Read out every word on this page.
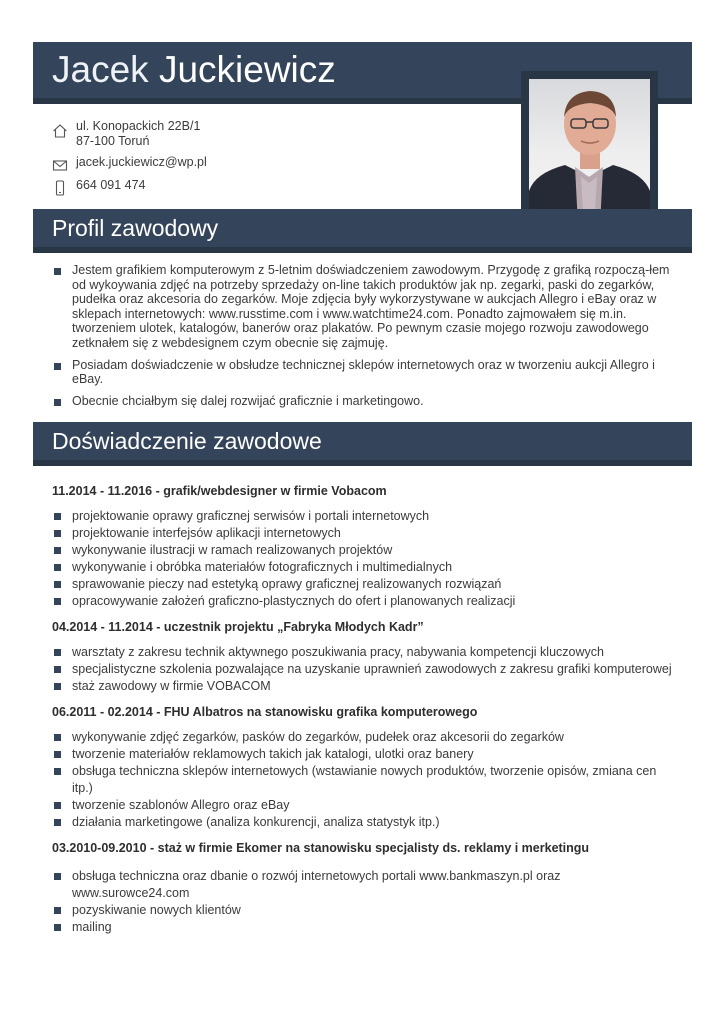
Jacek Juckiewicz
ul. Konopackich 22B/1
87-100 Toruń
jacek.juckiewicz@wp.pl
664 091 474
Profil zawodowy
Jestem grafikiem komputerowym z 5-letnim doświadczeniem zawodowym. Przygodę z grafiką rozpoczą-łem od wykoywania zdjęć na potrzeby sprzedaży on-line takich produktów jak np. zegarki, paski do zegarków, pudełka oraz akcesoria do zegarków. Moje zdjęcia były wykorzystywane w aukcjach Allegro i eBay oraz w sklepach internetowych: www.russtime.com i www.watchtime24.com. Ponadto zajmowałem się m.in. tworzeniem ulotek, katalogów, banerów oraz plakatów. Po pewnym czasie mojego rozwoju zawodowego zetknałem się z webdesignem czym obecnie się zajmuję.
Posiadam doświadczenie w obsłudze technicznej sklepów internetowych oraz w tworzeniu aukcji Allegro i eBay.
Obecnie chciałbym się dalej rozwijać graficznie i marketingowo.
Doświadczenie zawodowe
11.2014 - 11.2016 - grafik/webdesigner w firmie Vobacom
projektowanie oprawy graficznej serwisów i portali internetowych
projektowanie interfejsów aplikacji internetowych
wykonywanie ilustracji w ramach realizowanych projektów
wykonywanie i obróbka materiałów fotograficznych i multimedialnych
sprawowanie pieczy nad estetyką oprawy graficznej realizowanych rozwiązań
opracowywanie założeń graficzno-plastycznych do ofert i planowanych realizacji
04.2014 - 11.2014 - uczestnik projektu „Fabryka Młodych Kadr”
warsztaty z zakresu technik aktywnego poszukiwania pracy, nabywania kompetencji kluczowych
specjalistyczne szkolenia pozwalające na uzyskanie uprawnień zawodowych z zakresu grafiki komputerowej
staż zawodowy w firmie VOBACOM
06.2011 - 02.2014 - FHU Albatros na stanowisku grafika komputerowego
wykonywanie zdjęć zegarków, pasków do zegarków, pudełek oraz akcesorii do zegarków
tworzenie materiałów reklamowych takich jak katalogi, ulotki oraz banery
obsługa techniczna sklepów internetowych (wstawianie nowych produktów, tworzenie opisów, zmiana cen itp.)
tworzenie szablonów Allegro oraz eBay
działania marketingowe (analiza konkurencji, analiza statystyk itp.)
03.2010-09.2010 - staż w firmie Ekomer na stanowisku specjalisty ds. reklamy i merketingu
obsługa techniczna oraz dbanie o rozwój internetowych portali www.bankmaszyn.pl oraz www.surowce24.com
pozyskiwanie nowych klientów
mailing
